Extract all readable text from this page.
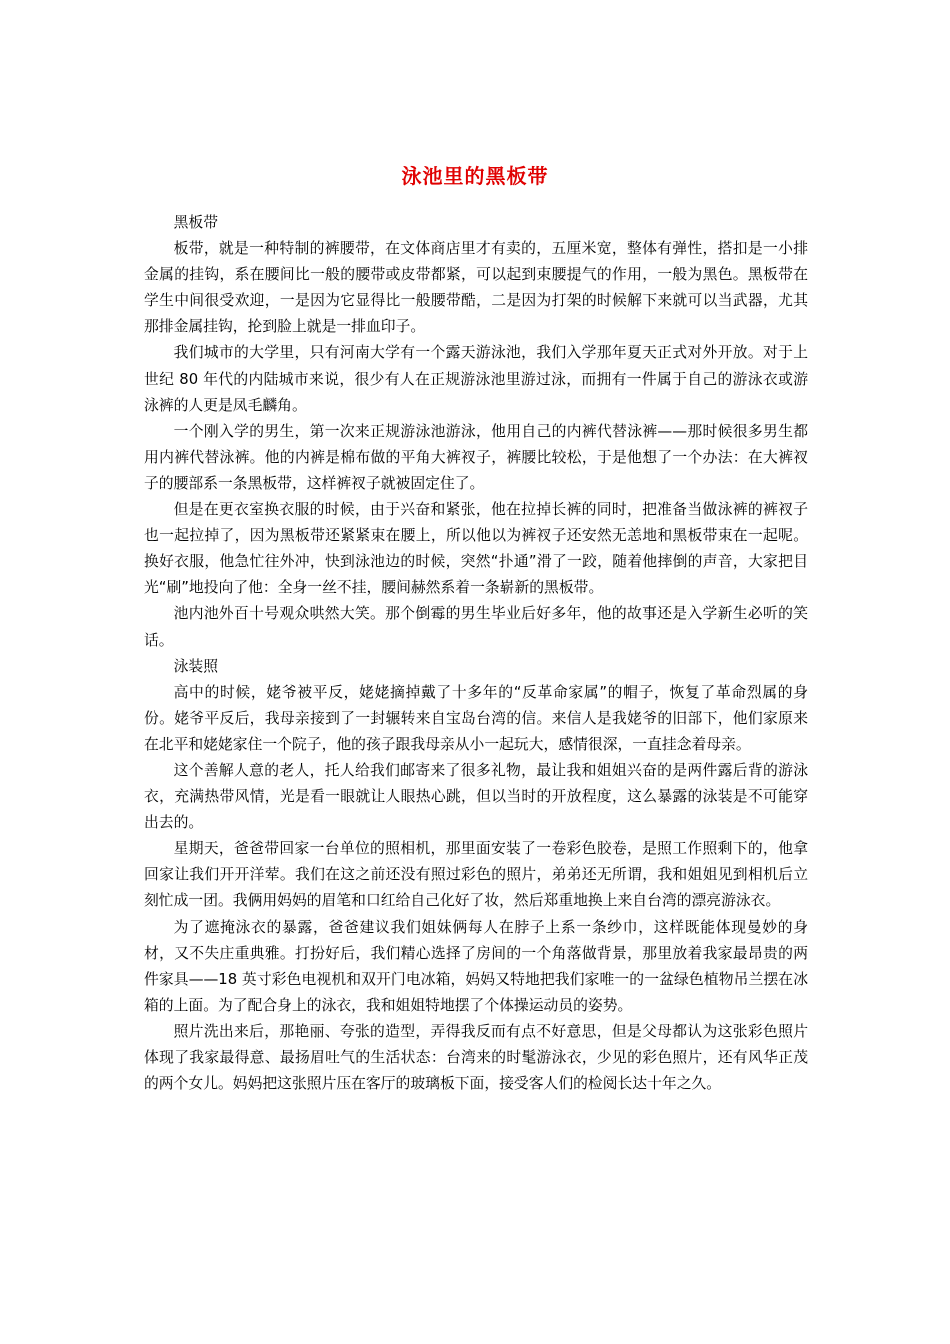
泳池里的黑板带

黑板带

板带，就是一种特制的裤腰带，在文体商店里才有卖的，五厘米宽，整体有弹性，搭扣是一小排金属的挂钩，系在腰间比一般的腰带或皮带都紧，可以起到束腰提气的作用，一般为黑色。黑板带在学生中间很受欢迎，一是因为它显得比一般腰带酷，二是因为打架的时候解下来就可以当武器，尤其那排金属挂钩，抡到脸上就是一排血印子。

我们城市的大学里，只有河南大学有一个露天游泳池，我们入学那年夏天正式对外开放。对于上世纪 80 年代的内陆城市来说，很少有人在正规游泳池里游过泳，而拥有一件属于自己的游泳衣或游泳裤的人更是凤毛麟角。

一个刚入学的男生，第一次来正规游泳池游泳，他用自己的内裤代替泳裤——那时候很多男生都用内裤代替泳裤。他的内裤是棉布做的平角大裤衩子，裤腰比较松，于是他想了一个办法：在大裤衩子的腰部系一条黑板带，这样裤衩子就被固定住了。

但是在更衣室换衣服的时候，由于兴奋和紧张，他在拉掉长裤的同时，把准备当做泳裤的裤衩子也一起拉掉了，因为黑板带还紧紧束在腰上，所以他以为裤衩子还安然无恙地和黑板带束在一起呢。换好衣服，他急忙往外冲，快到泳池边的时候，突然“扑通”滑了一跤，随着他摔倒的声音，大家把目光“刷”地投向了他：全身一丝不挂，腰间赫然系着一条崭新的黑板带。

池内池外百十号观众哄然大笑。那个倒霉的男生毕业后好多年，他的故事还是入学新生必听的笑话。

泳装照

高中的时候，姥爷被平反，姥姥摘掉戴了十多年的“反革命家属”的帽子，恢复了革命烈属的身份。姥爷平反后，我母亲接到了一封辗转来自宝岛台湾的信。来信人是我姥爷的旧部下，他们家原来在北平和姥姥家住一个院子，他的孩子跟我母亲从小一起玩大，感情很深，一直挂念着母亲。

这个善解人意的老人，托人给我们邮寄来了很多礼物，最让我和姐姐兴奋的是两件露后背的游泳衣，充满热带风情，光是看一眼就让人眼热心跳，但以当时的开放程度，这么暴露的泳装是不可能穿出去的。

星期天，爸爸带回家一台单位的照相机，那里面安装了一卷彩色胶卷，是照工作照剩下的，他拿回家让我们开开洋荤。我们在这之前还没有照过彩色的照片，弟弟还无所谓，我和姐姐见到相机后立刻忙成一团。我俩用妈妈的眉笔和口红给自己化好了妆，然后郑重地换上来自台湾的漂亮游泳衣。

为了遮掩泳衣的暴露，爸爸建议我们姐妹俩每人在脖子上系一条纱巾，这样既能体现曼妙的身材，又不失庄重典雅。打扮好后，我们精心选择了房间的一个角落做背景，那里放着我家最昂贵的两件家具——18 英寸彩色电视机和双开门电冰箱，妈妈又特地把我们家唯一的一盆绿色植物吊兰摆在冰箱的上面。为了配合身上的泳衣，我和姐姐特地摆了个体操运动员的姿势。

照片洗出来后，那艳丽、夸张的造型，弄得我反而有点不好意思，但是父母都认为这张彩色照片体现了我家最得意、最扬眉吐气的生活状态：台湾来的时髦游泳衣，少见的彩色照片，还有风华正茂的两个女儿。妈妈把这张照片压在客厅的玻璃板下面，接受客人们的检阅长达十年之久。
